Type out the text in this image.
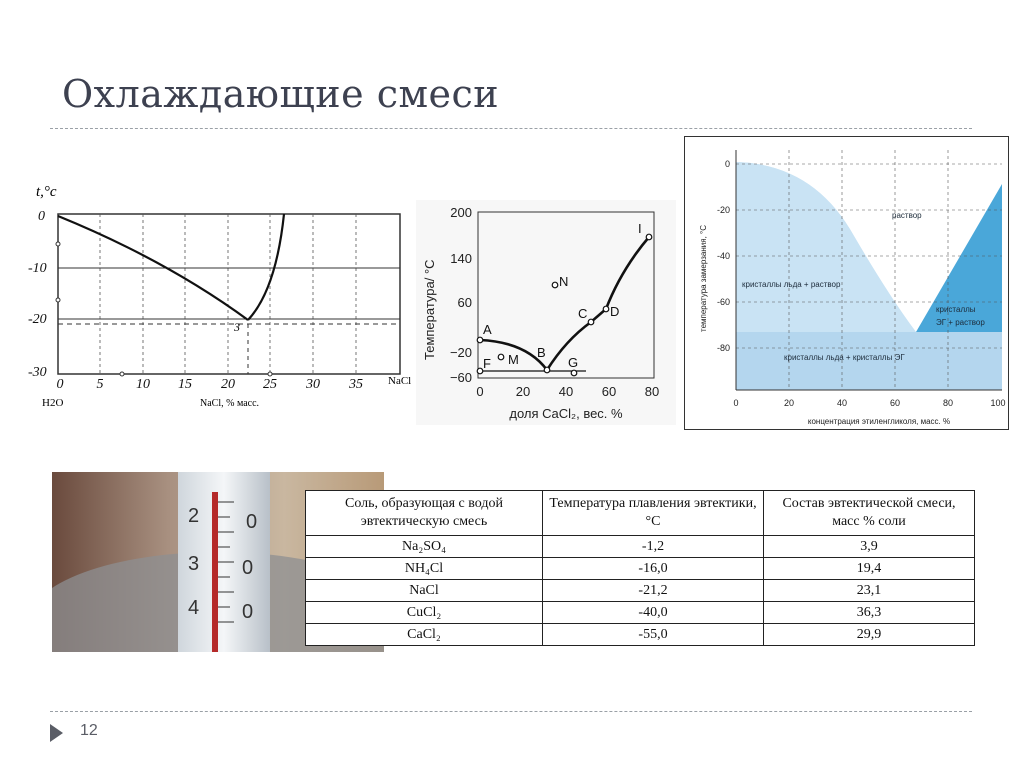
Охлаждающие смеси
t,°c
3
0
-10
-20
-30
0 5 10 15 20 25 30 35 NaCl
H2O	NaCl, % масс.
Температура/ °C
200
140
60
−20
−60
0 20 40 60 80
доля CaCl₂, вес. %
A
B
C D
F	G
I
M
N	температура замерзания, °C
0
-20
-40
-60
-80
0	20	40	60	80	100
концентрация этиленгликоля, масс. %
раствор
кристаллы льда + раствор
кристаллы
ЭГ + раствор
кристаллы льда + кристаллы ЭГ
2
3
4
0
0
0
Соль, образующая с водой эвтектическую смесь	Температура плавления эвтектики, °С	Состав эвтектической смеси, масс % соли
Na₂SO₄	-1,2	3,9
NH₄Cl	-16,0	19,4
NaCl	-21,2	23,1
CuCl₂	-40,0	36,3
CaCl₂	-55,0	29,9
12
